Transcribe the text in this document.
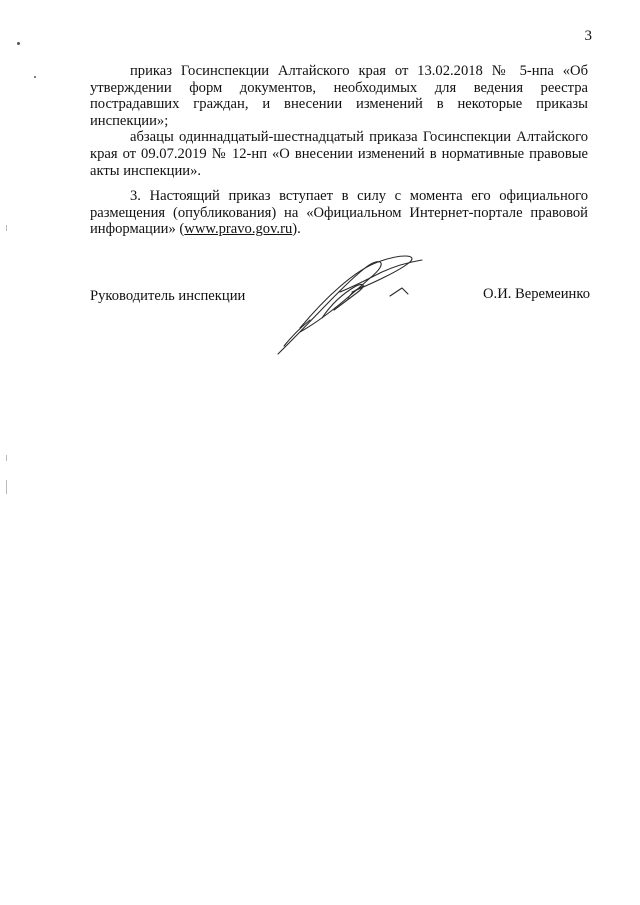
3

приказ Госинспекции Алтайского края от 13.02.2018 № 5-нпа «Об утверждении форм документов, необходимых для ведения реестра пострадавших граждан, и внесении изменений в некоторые приказы инспекции»;

абзацы одиннадцатый-шестнадцатый приказа Госинспекции Алтайского края от 09.07.2019 № 12-нп «О внесении изменений в нормативные правовые акты инспекции».

3. Настоящий приказ вступает в силу с момента его официального размещения (опубликования) на «Официальном Интернет-портале правовой информации» (www.pravo.gov.ru).

Руководитель инспекции	О.И. Веремеинко
